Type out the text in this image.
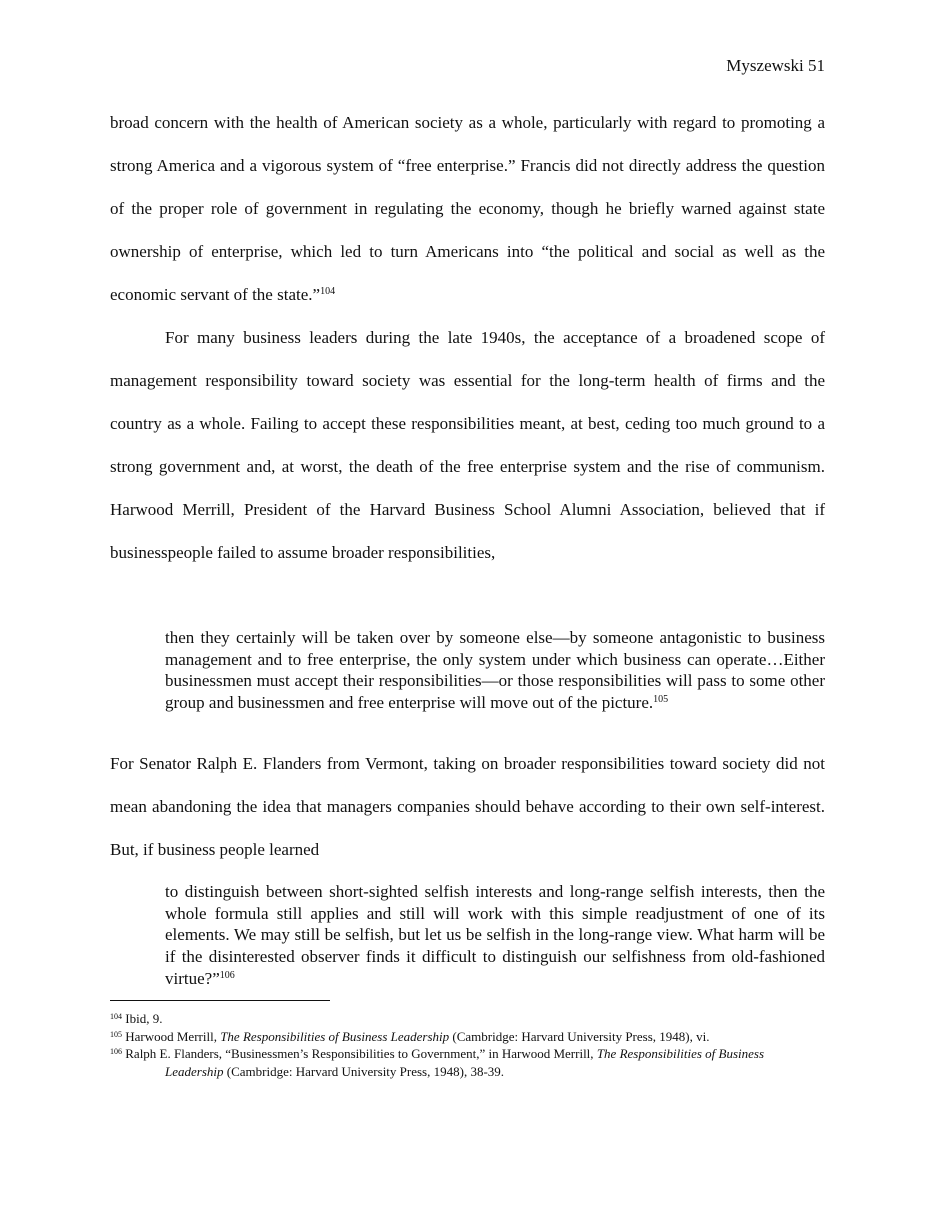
Myszewski 51
broad concern with the health of American society as a whole, particularly with regard to promoting a strong America and a vigorous system of “free enterprise.” Francis did not directly address the question of the proper role of government in regulating the economy, though he briefly warned against state ownership of enterprise, which led to turn Americans into “the political and social as well as the economic servant of the state.”$^{104}$
For many business leaders during the late 1940s, the acceptance of a broadened scope of management responsibility toward society was essential for the long-term health of firms and the country as a whole. Failing to accept these responsibilities meant, at best, ceding too much ground to a strong government and, at worst, the death of the free enterprise system and the rise of communism. Harwood Merrill, President of the Harvard Business School Alumni Association, believed that if businesspeople failed to assume broader responsibilities,
then they certainly will be taken over by someone else—by someone antagonistic to business management and to free enterprise, the only system under which business can operate…Either businessmen must accept their responsibilities—or those responsibilities will pass to some other group and businessmen and free enterprise will move out of the picture.$^{105}$
For Senator Ralph E. Flanders from Vermont, taking on broader responsibilities toward society did not mean abandoning the idea that managers companies should behave according to their own self-interest. But, if business people learned
to distinguish between short-sighted selfish interests and long-range selfish interests, then the whole formula still applies and still will work with this simple readjustment of one of its elements. We may still be selfish, but let us be selfish in the long-range view. What harm will be if the disinterested observer finds it difficult to distinguish our selfishness from old-fashioned virtue?”$^{106}$

$^{104}$ Ibid, 9.

$^{105}$ Harwood Merrill, The Responsibilities of Business Leadership (Cambridge: Harvard University Press, 1948), vi.

$^{106}$ Ralph E. Flanders, “Businessmen’s Responsibilities to Government,” in Harwood Merrill, The Responsibilities of Business Leadership (Cambridge: Harvard University Press, 1948), 38-39.
